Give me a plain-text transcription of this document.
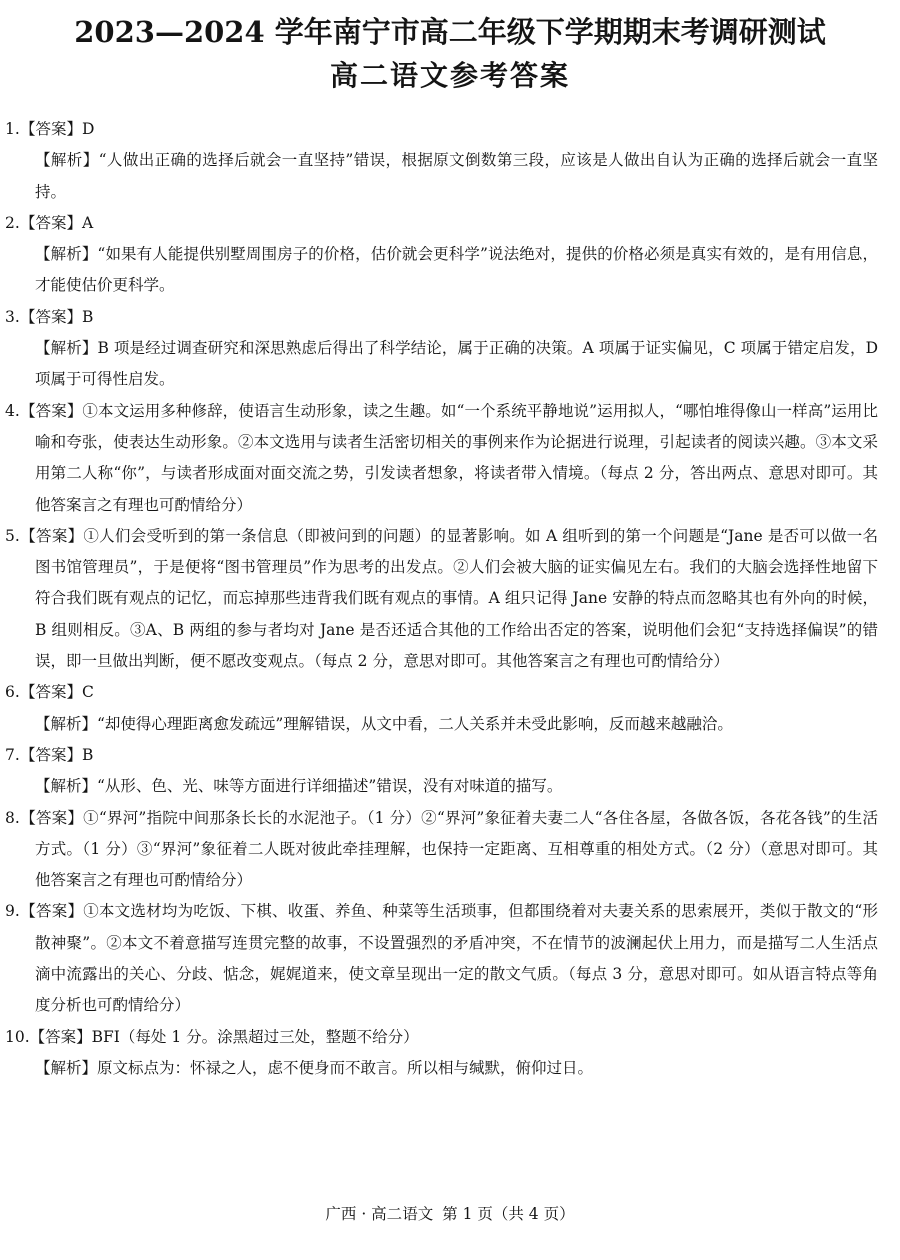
2023—2024 学年南宁市高二年级下学期期末考调研测试
高二语文参考答案
1.【答案】D
【解析】“人做出正确的选择后就会一直坚持”错误，根据原文倒数第三段，应该是人做出自认为正确的选择后就会一直坚持。
2.【答案】A
【解析】“如果有人能提供别墅周围房子的价格，估价就会更科学”说法绝对，提供的价格必须是真实有效的，是有用信息，才能使估价更科学。
3.【答案】B
【解析】B 项是经过调查研究和深思熟虑后得出了科学结论，属于正确的决策。A 项属于证实偏见，C 项属于错定启发，D 项属于可得性启发。
4.【答案】①本文运用多种修辞，使语言生动形象，读之生趣。如“一个系统平静地说”运用拟人，“哪怕堆得像山一样高”运用比喻和夸张，使表达生动形象。②本文选用与读者生活密切相关的事例来作为论据进行说理，引起读者的阅读兴趣。③本文采用第二人称“你”，与读者形成面对面交流之势，引发读者想象，将读者带入情境。（每点 2 分，答出两点、意思对即可。其他答案言之有理也可酌情给分）
5.【答案】①人们会受听到的第一条信息（即被问到的问题）的显著影响。如 A 组听到的第一个问题是“Jane 是否可以做一名图书馆管理员”，于是便将“图书管理员”作为思考的出发点。②人们会被大脑的证实偏见左右。我们的大脑会选择性地留下符合我们既有观点的记忆，而忘掉那些违背我们既有观点的事情。A 组只记得 Jane 安静的特点而忽略其也有外向的时候，B 组则相反。③A、B 两组的参与者均对 Jane 是否还适合其他的工作给出否定的答案，说明他们会犯“支持选择偏误”的错误，即一旦做出判断，便不愿改变观点。（每点 2 分，意思对即可。其他答案言之有理也可酌情给分）
6.【答案】C
【解析】“却使得心理距离愈发疏远”理解错误，从文中看，二人关系并未受此影响，反而越来越融洽。
7.【答案】B
【解析】“从形、色、光、味等方面进行详细描述”错误，没有对味道的描写。
8.【答案】①“界河”指院中间那条长长的水泥池子。（1 分）②“界河”象征着夫妻二人“各住各屋，各做各饭，各花各钱”的生活方式。（1 分）③“界河”象征着二人既对彼此牵挂理解，也保持一定距离、互相尊重的相处方式。（2 分）（意思对即可。其他答案言之有理也可酌情给分）
9.【答案】①本文选材均为吃饭、下棋、收蛋、养鱼、种菜等生活琐事，但都围绕着对夫妻关系的思索展开，类似于散文的“形散神聚”。②本文不着意描写连贯完整的故事，不设置强烈的矛盾冲突，不在情节的波澜起伏上用力，而是描写二人生活点滴中流露出的关心、分歧、惦念，娓娓道来，使文章呈现出一定的散文气质。（每点 3 分，意思对即可。如从语言特点等角度分析也可酌情给分）
10.【答案】BFI（每处 1 分。涂黑超过三处，整题不给分）
【解析】原文标点为：怀禄之人，虑不便身而不敢言。所以相与缄默，俯仰过日。
广西 · 高二语文 第 1 页（共 4 页）
